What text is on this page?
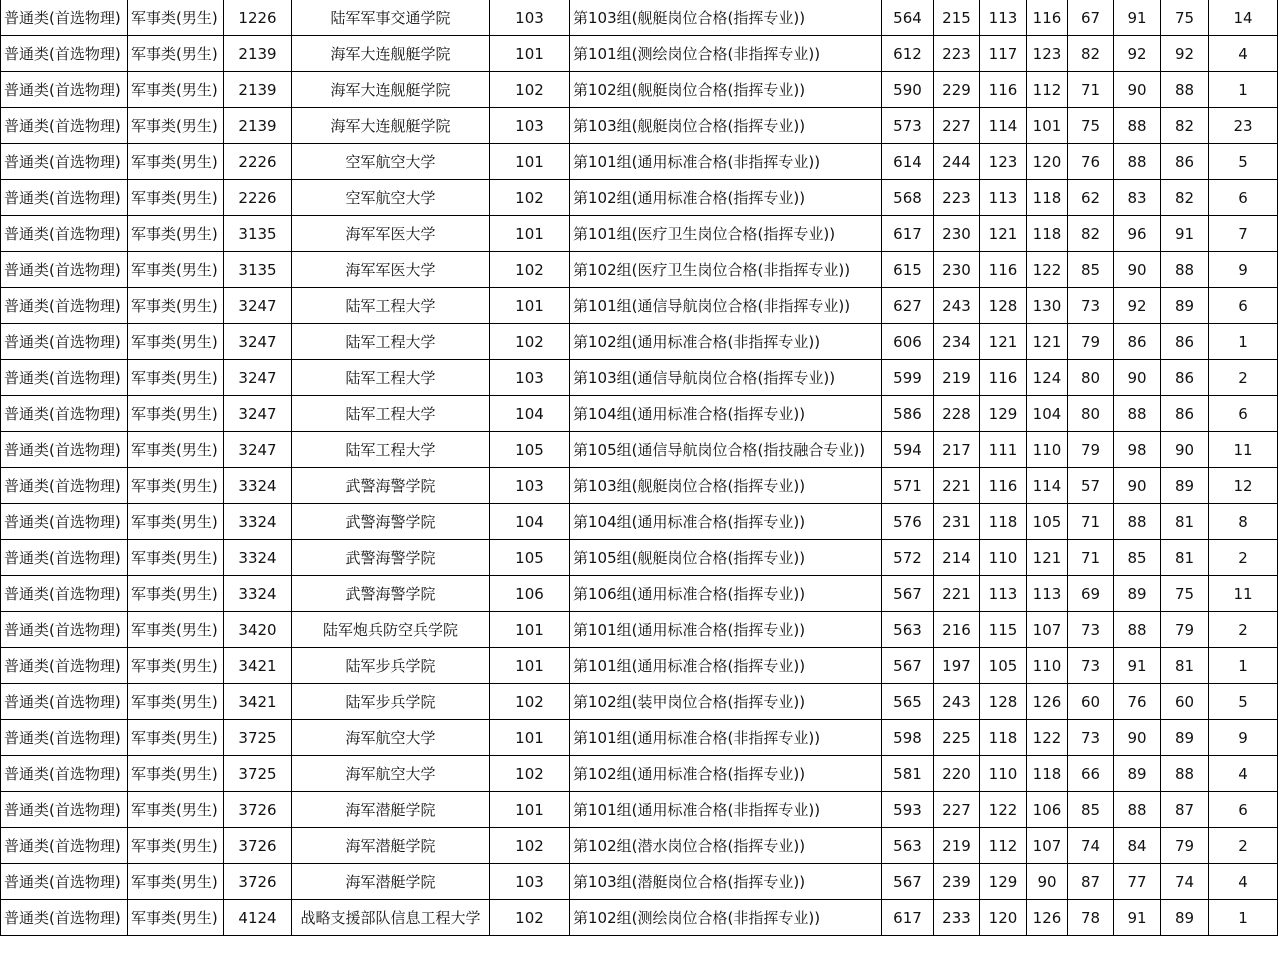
普通类(首选物理)	军事类(男生)	1226	陆军军事交通学院	103	第103组(舰艇岗位合格(指挥专业))	564	215	113	116	67	91	75	14
普通类(首选物理)	军事类(男生)	2139	海军大连舰艇学院	101	第101组(测绘岗位合格(非指挥专业))	612	223	117	123	82	92	92	4
普通类(首选物理)	军事类(男生)	2139	海军大连舰艇学院	102	第102组(舰艇岗位合格(指挥专业))	590	229	116	112	71	90	88	1
普通类(首选物理)	军事类(男生)	2139	海军大连舰艇学院	103	第103组(舰艇岗位合格(指挥专业))	573	227	114	101	75	88	82	23
普通类(首选物理)	军事类(男生)	2226	空军航空大学	101	第101组(通用标准合格(非指挥专业))	614	244	123	120	76	88	86	5
普通类(首选物理)	军事类(男生)	2226	空军航空大学	102	第102组(通用标准合格(指挥专业))	568	223	113	118	62	83	82	6
普通类(首选物理)	军事类(男生)	3135	海军军医大学	101	第101组(医疗卫生岗位合格(指挥专业))	617	230	121	118	82	96	91	7
普通类(首选物理)	军事类(男生)	3135	海军军医大学	102	第102组(医疗卫生岗位合格(非指挥专业))	615	230	116	122	85	90	88	9
普通类(首选物理)	军事类(男生)	3247	陆军工程大学	101	第101组(通信导航岗位合格(非指挥专业))	627	243	128	130	73	92	89	6
普通类(首选物理)	军事类(男生)	3247	陆军工程大学	102	第102组(通用标准合格(非指挥专业))	606	234	121	121	79	86	86	1
普通类(首选物理)	军事类(男生)	3247	陆军工程大学	103	第103组(通信导航岗位合格(指挥专业))	599	219	116	124	80	90	86	2
普通类(首选物理)	军事类(男生)	3247	陆军工程大学	104	第104组(通用标准合格(指挥专业))	586	228	129	104	80	88	86	6
普通类(首选物理)	军事类(男生)	3247	陆军工程大学	105	第105组(通信导航岗位合格(指技融合专业))	594	217	111	110	79	98	90	11
普通类(首选物理)	军事类(男生)	3324	武警海警学院	103	第103组(舰艇岗位合格(指挥专业))	571	221	116	114	57	90	89	12
普通类(首选物理)	军事类(男生)	3324	武警海警学院	104	第104组(通用标准合格(指挥专业))	576	231	118	105	71	88	81	8
普通类(首选物理)	军事类(男生)	3324	武警海警学院	105	第105组(舰艇岗位合格(指挥专业))	572	214	110	121	71	85	81	2
普通类(首选物理)	军事类(男生)	3324	武警海警学院	106	第106组(通用标准合格(指挥专业))	567	221	113	113	69	89	75	11
普通类(首选物理)	军事类(男生)	3420	陆军炮兵防空兵学院	101	第101组(通用标准合格(指挥专业))	563	216	115	107	73	88	79	2
普通类(首选物理)	军事类(男生)	3421	陆军步兵学院	101	第101组(通用标准合格(指挥专业))	567	197	105	110	73	91	81	1
普通类(首选物理)	军事类(男生)	3421	陆军步兵学院	102	第102组(装甲岗位合格(指挥专业))	565	243	128	126	60	76	60	5
普通类(首选物理)	军事类(男生)	3725	海军航空大学	101	第101组(通用标准合格(非指挥专业))	598	225	118	122	73	90	89	9
普通类(首选物理)	军事类(男生)	3725	海军航空大学	102	第102组(通用标准合格(指挥专业))	581	220	110	118	66	89	88	4
普通类(首选物理)	军事类(男生)	3726	海军潜艇学院	101	第101组(通用标准合格(非指挥专业))	593	227	122	106	85	88	87	6
普通类(首选物理)	军事类(男生)	3726	海军潜艇学院	102	第102组(潜水岗位合格(指挥专业))	563	219	112	107	74	84	79	2
普通类(首选物理)	军事类(男生)	3726	海军潜艇学院	103	第103组(潜艇岗位合格(指挥专业))	567	239	129	90	87	77	74	4
普通类(首选物理)	军事类(男生)	4124	战略支援部队信息工程大学	102	第102组(测绘岗位合格(非指挥专业))	617	233	120	126	78	91	89	1
